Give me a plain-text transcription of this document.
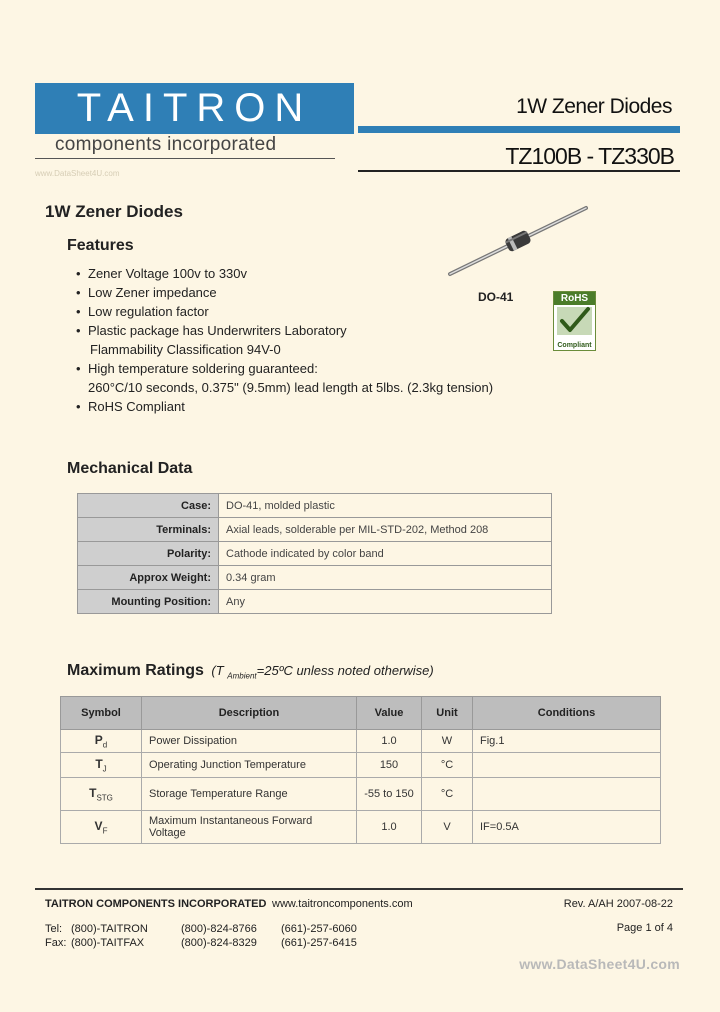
TAITRON
components incorporated
www.DataSheet4U.com
1W Zener Diodes
TZ100B - TZ330B
1W Zener Diodes
Features
• Zener Voltage 100v to 330v
• Low Zener impedance
• Low regulation factor
• Plastic package has Underwriters Laboratory
Flammability Classification 94V-0
• High temperature soldering guaranteed:
260°C/10 seconds, 0.375" (9.5mm) lead length at 5lbs. (2.3kg tension)
• RoHS Compliant
DO-41	RoHS
Compliant
Mechanical Data
Case:	DO-41, molded plastic
Terminals:	Axial leads, solderable per MIL-STD-202, Method 208
Polarity:	Cathode indicated by color band
Approx Weight:	0.34 gram
Mounting Position:	Any
Maximum Ratings (T $_{Ambient}$=25ºC unless noted otherwise)
Symbol	Description	Value	Unit	Conditions
$P_d$	Power Dissipation	1.0	W	Fig.1
$T_J$	Operating Junction Temperature	150	°C	
$T_{STG}$	Storage Temperature Range	-55 to 150	°C	
$V_F$	Maximum Instantaneous Forward Voltage	1.0	V	IF=0.5A
TAITRON COMPONENTS INCORPORATED www.taitroncomponents.com	Rev. A/AH 2007-08-22
Tel: (800)-TAITRON	(800)-824-8766 (661)-257-6060
Fax: (800)-TAITFAX	(800)-824-8329 (661)-257-6415
Page 1 of 4
www.DataSheet4U.com
